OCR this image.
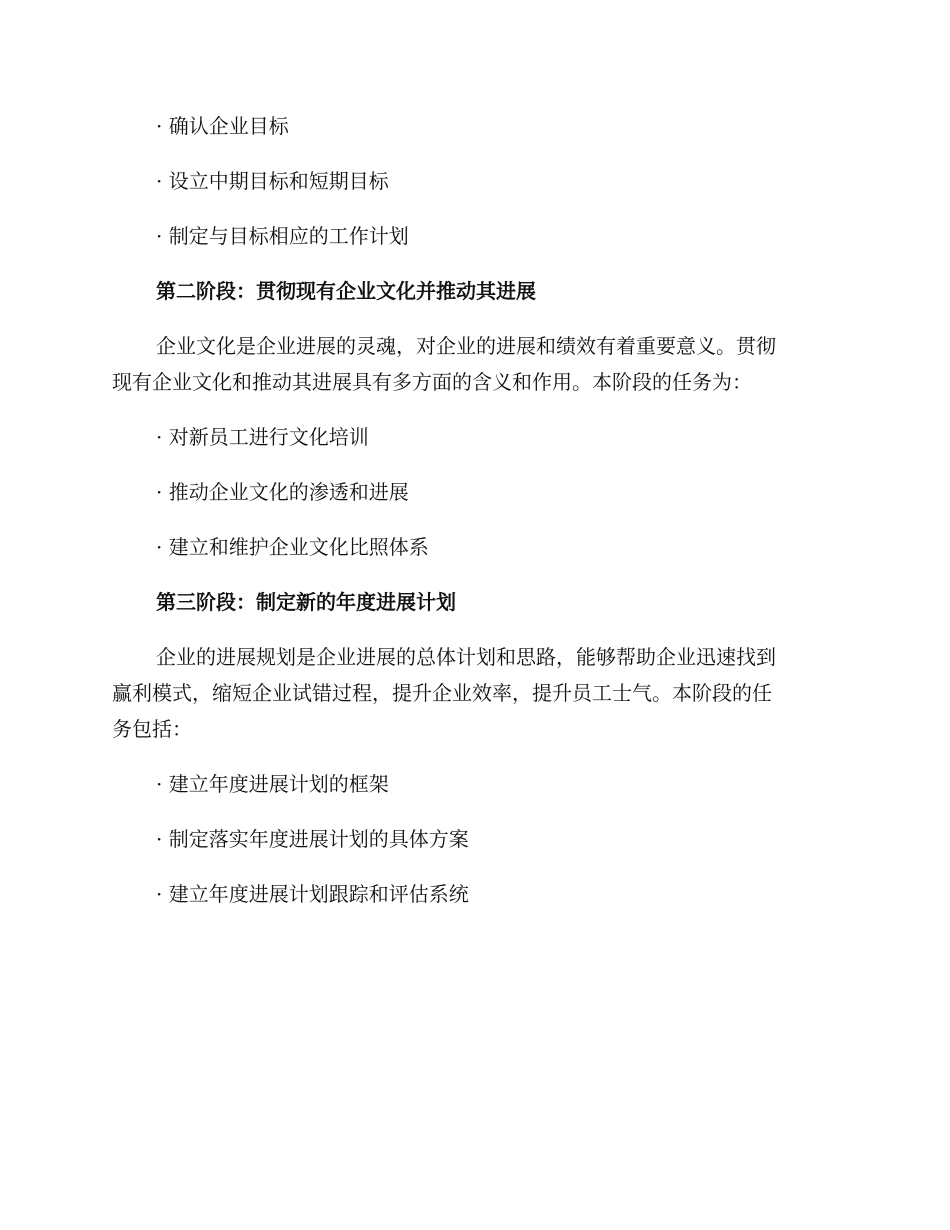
· 确认企业目标
· 设立中期目标和短期目标
· 制定与目标相应的工作计划
第二阶段：贯彻现有企业文化并推动其进展
企业文化是企业进展的灵魂，对企业的进展和绩效有着重要意义。贯彻
现有企业文化和推动其进展具有多方面的含义和作用。本阶段的任务为：
· 对新员工进行文化培训
· 推动企业文化的渗透和进展
· 建立和维护企业文化比照体系
第三阶段：制定新的年度进展计划
企业的进展规划是企业进展的总体计划和思路，能够帮助企业迅速找到
赢利模式，缩短企业试错过程，提升企业效率，提升员工士气。本阶段的任
务包括：
· 建立年度进展计划的框架
· 制定落实年度进展计划的具体方案
· 建立年度进展计划跟踪和评估系统
